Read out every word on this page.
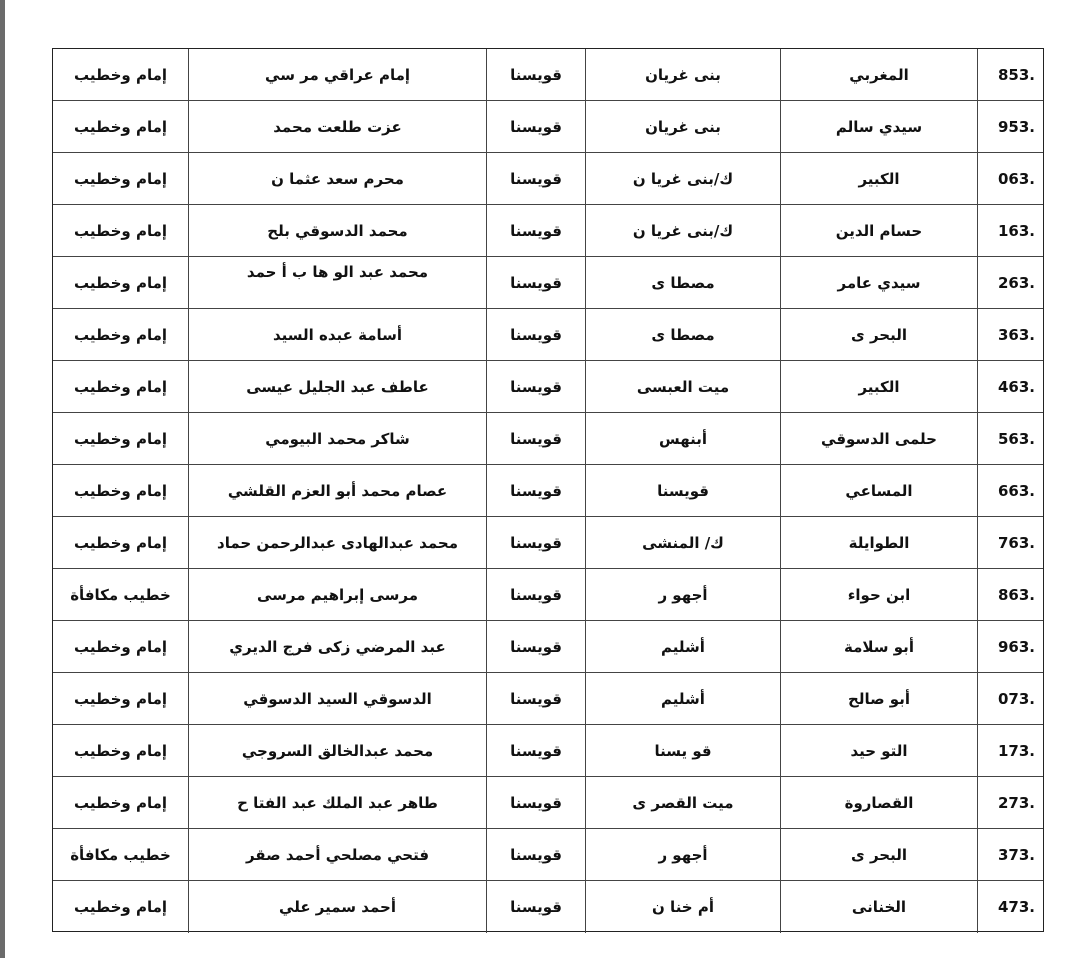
853.
المغربي
بنى غريان
قويسنا
إمام عراقي مر سي
إمام وخطيب
953.
سيدي سالم
بنى غريان
قويسنا
عزت طلعت محمد
إمام وخطيب
063.
الكبير
ك/بنى غريا ن
قويسنا
محرم سعد عثما ن
إمام وخطيب
163.
حسام الدين
ك/بنى غريا ن
قويسنا
محمد الدسوقي بلح
إمام وخطيب
263.
سيدي عامر
مصطا ى
قويسنا
محمد عبد الو ها ب أ حمد
إمام وخطيب
363.
البحر ى
مصطا ى
قويسنا
أسامة عبده السيد
إمام وخطيب
463.
الكبير
ميت العبسى
قويسنا
عاطف عبد الجليل عيسى
إمام وخطيب
563.
حلمى الدسوقي
أبنهس
قويسنا
شاكر محمد البيومي
إمام وخطيب
663.
المساعي
قويسنا
قويسنا
عصام محمد أبو العزم القلشي
إمام وخطيب
763.
الطوايلة
ك/ المنشى
قويسنا
محمد عبدالهادى عبدالرحمن حماد
إمام وخطيب
863.
ابن حواء
أجهو ر
قويسنا
مرسى إبراهيم مرسى
خطيب مكافأة
963.
أبو سلامة
أشليم
قويسنا
عبد المرضي زكى فرج الديري
إمام وخطيب
073.
أبو صالح
أشليم
قويسنا
الدسوقي السيد الدسوقي
إمام وخطيب
173.
التو حيد
قو يسنا
قويسنا
محمد عبدالخالق السروجي
إمام وخطيب
273.
القصاروة
ميت القصر ى
قويسنا
طاهر عبد الملك عبد الفتا ح
إمام وخطيب
373.
البحر ى
أجهو ر
قويسنا
فتحي مصلحي أحمد صقر
خطيب مكافأة
473.
الخنانى
أم خنا ن
قويسنا
أحمد سمير علي
إمام وخطيب
